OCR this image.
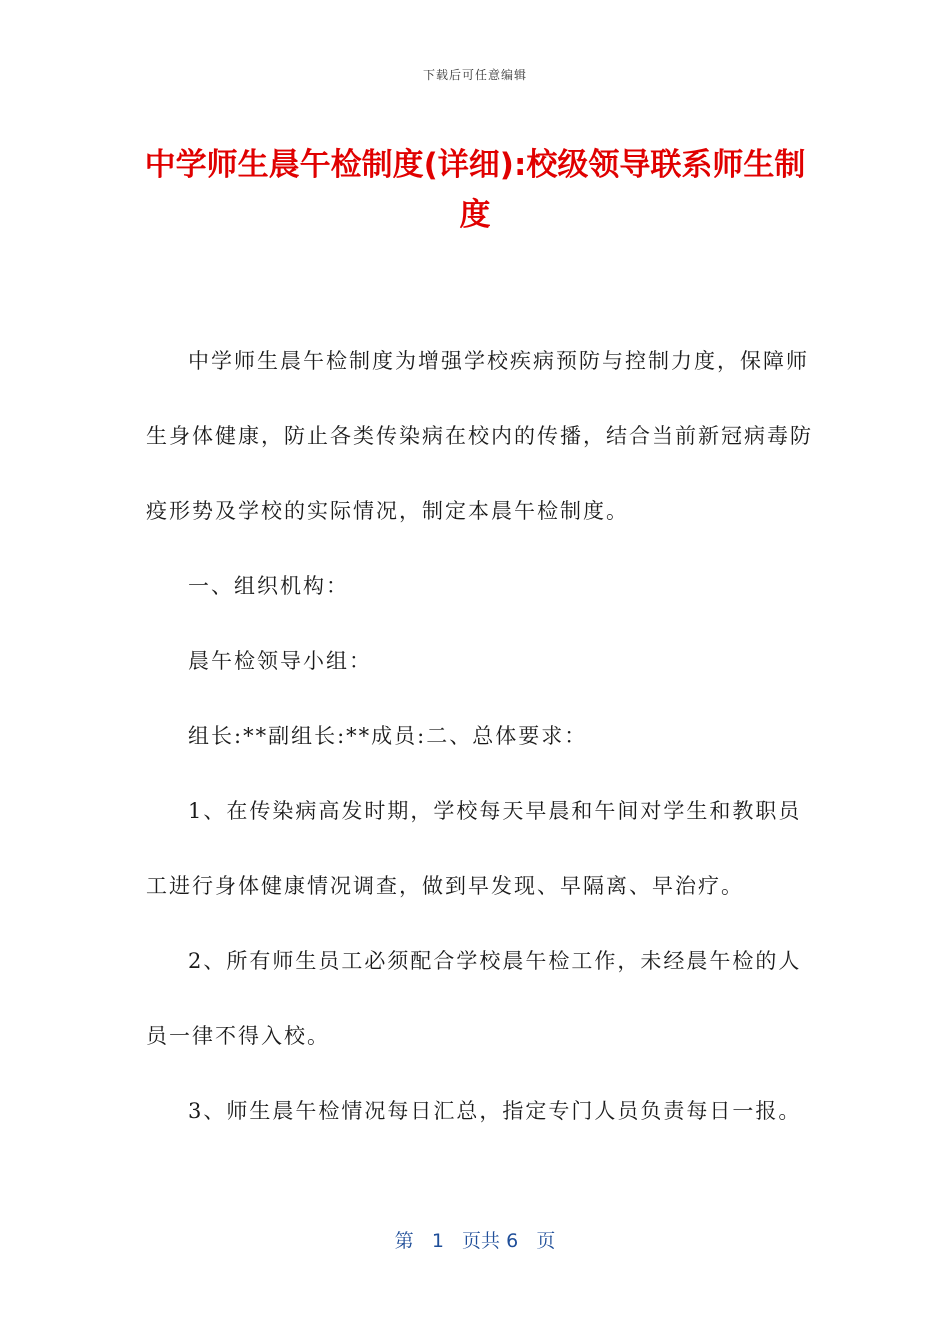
下载后可任意编辑
中学师生晨午检制度(详细):校级领导联系师生制度

中学师生晨午检制度为增强学校疾病预防与控制力度，保障师生身体健康，防止各类传染病在校内的传播，结合当前新冠病毒防疫形势及学校的实际情况，制定本晨午检制度。

一、组织机构：

晨午检领导小组：

组长:**副组长:**成员:二、总体要求：

1、在传染病高发时期，学校每天早晨和午间对学生和教职员工进行身体健康情况调查，做到早发现、早隔离、早治疗。

2、所有师生员工必须配合学校晨午检工作，未经晨午检的人员一律不得入校。

3、师生晨午检情况每日汇总，指定专门人员负责每日一报。

第 1 页共 6 页
